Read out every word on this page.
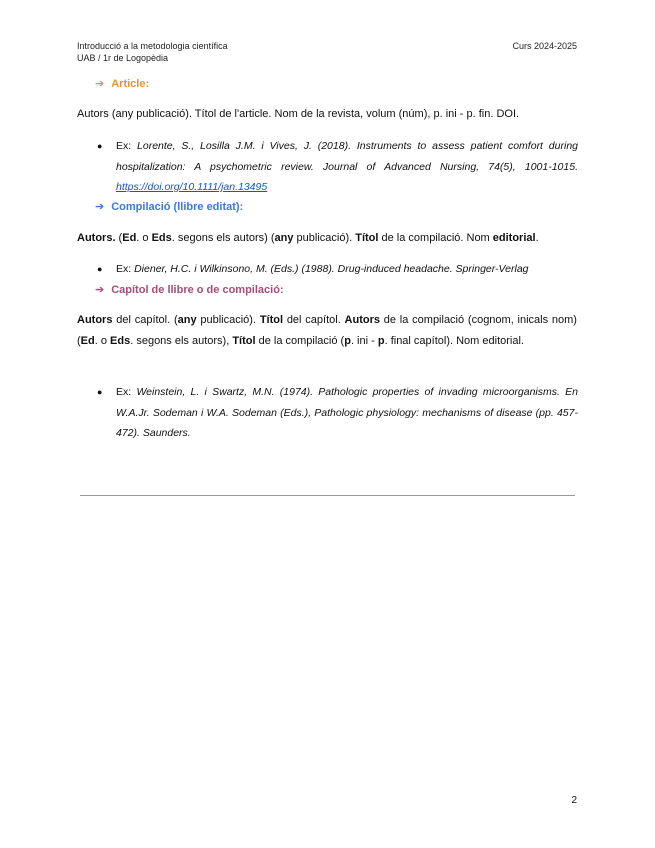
Introducció a la metodologia científica
UAB / 1r de Logopèdia
Curs 2024-2025
➔ Article:
Autors (any publicació). Títol de l'article. Nom de la revista, volum (núm), p. ini - p. fin. DOI.
● Ex: Lorente, S., Losilla J.M. i Vives, J. (2018). Instruments to assess patient comfort during hospitalization: A psychometric review. Journal of Advanced Nursing, 74(5), 1001-1015. https://doi.org/10.1111/jan.13495
➔ Compilació (llibre editat):
Autors. (Ed. o Eds. segons els autors) (any publicació). Títol de la compilació. Nom editorial.
● Ex: Diener, H.C. i Wilkinsono, M. (Eds.) (1988). Drug-induced headache. Springer-Verlag
➔ Capítol de llibre o de compilació:
Autors del capítol. (any publicació). Títol del capítol. Autors de la compilació (cognom, inicals nom) (Ed. o Eds. segons els autors), Títol de la compilació (p. ini - p. final capítol). Nom editorial.
● Ex: Weinstein, L. i Swartz, M.N. (1974). Pathologic properties of invading microorganisms. En W.A.Jr. Sodeman i W.A. Sodeman (Eds.), Pathologic physiology: mechanisms of disease (pp. 457-472). Saunders.
2
